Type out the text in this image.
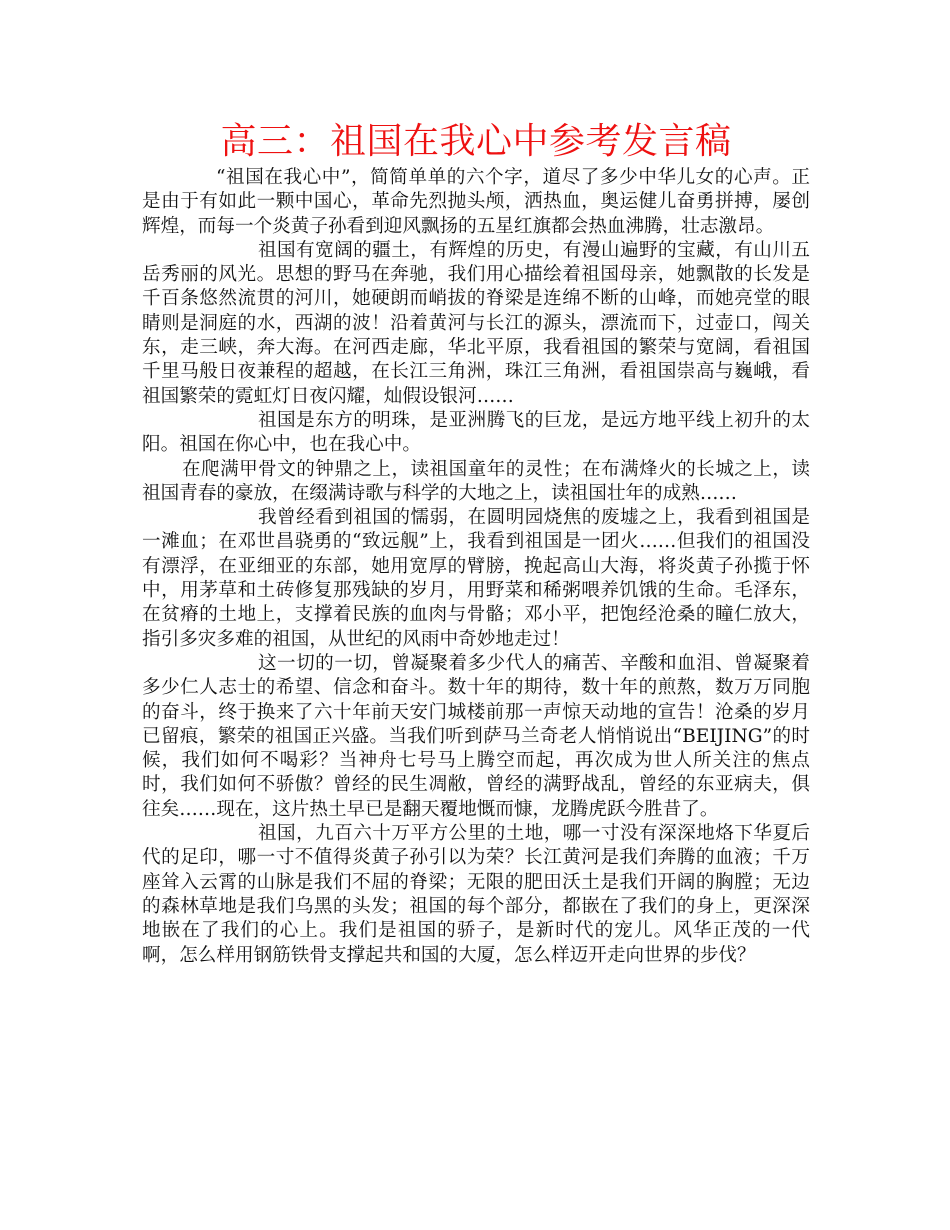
高三：祖国在我心中参考发言稿

“祖国在我心中”，简简单单的六个字，道尽了多少中华儿女的心声。正是由于有如此一颗中国心，革命先烈抛头颅，洒热血，奥运健儿奋勇拼搏，屡创辉煌，而每一个炎黄子孙看到迎风飘扬的五星红旗都会热血沸腾，壮志激昂。

祖国有宽阔的疆土，有辉煌的历史，有漫山遍野的宝藏，有山川五岳秀丽的风光。思想的野马在奔驰，我们用心描绘着祖国母亲，她飘散的长发是千百条悠然流贯的河川，她硬朗而峭拔的脊梁是连绵不断的山峰，而她亮堂的眼睛则是洞庭的水，西湖的波！沿着黄河与长江的源头，漂流而下，过壶口，闯关东，走三峡，奔大海。在河西走廊，华北平原，我看祖国的繁荣与宽阔，看祖国千里马般日夜兼程的超越，在长江三角洲，珠江三角洲，看祖国崇高与巍峨，看祖国繁荣的霓虹灯日夜闪耀，灿假设银河……

祖国是东方的明珠，是亚洲腾飞的巨龙，是远方地平线上初升的太阳。祖国在你心中，也在我心中。

在爬满甲骨文的钟鼎之上，读祖国童年的灵性；在布满烽火的长城之上，读祖国青春的豪放，在缀满诗歌与科学的大地之上，读祖国壮年的成熟……

我曾经看到祖国的懦弱，在圆明园烧焦的废墟之上，我看到祖国是一滩血；在邓世昌骁勇的“致远舰”上，我看到祖国是一团火……但我们的祖国没有漂浮，在亚细亚的东部，她用宽厚的臂膀，挽起高山大海，将炎黄子孙揽于怀中，用茅草和土砖修复那残缺的岁月，用野菜和稀粥喂养饥饿的生命。毛泽东，在贫瘠的土地上，支撑着民族的血肉与骨骼；邓小平，把饱经沧桑的瞳仁放大，指引多灾多难的祖国，从世纪的风雨中奇妙地走过！

这一切的一切，曾凝聚着多少代人的痛苦、辛酸和血泪、曾凝聚着多少仁人志士的希望、信念和奋斗。数十年的期待，数十年的煎熬，数万万同胞的奋斗，终于换来了六十年前天安门城楼前那一声惊天动地的宣告！沧桑的岁月已留痕，繁荣的祖国正兴盛。当我们听到萨马兰奇老人悄悄说出“BEIJING”的时候，我们如何不喝彩？当神舟七号马上腾空而起，再次成为世人所关注的焦点时，我们如何不骄傲？曾经的民生凋敝，曾经的满野战乱，曾经的东亚病夫，俱往矣……现在，这片热土早已是翻天覆地慨而慷，龙腾虎跃今胜昔了。

祖国，九百六十万平方公里的土地，哪一寸没有深深地烙下华夏后代的足印，哪一寸不值得炎黄子孙引以为荣？长江黄河是我们奔腾的血液；千万座耸入云霄的山脉是我们不屈的脊梁；无限的肥田沃土是我们开阔的胸膛；无边的森林草地是我们乌黑的头发；祖国的每个部分，都嵌在了我们的身上，更深深地嵌在了我们的心上。我们是祖国的骄子，是新时代的宠儿。风华正茂的一代啊，怎么样用钢筋铁骨支撑起共和国的大厦，怎么样迈开走向世界的步伐？
